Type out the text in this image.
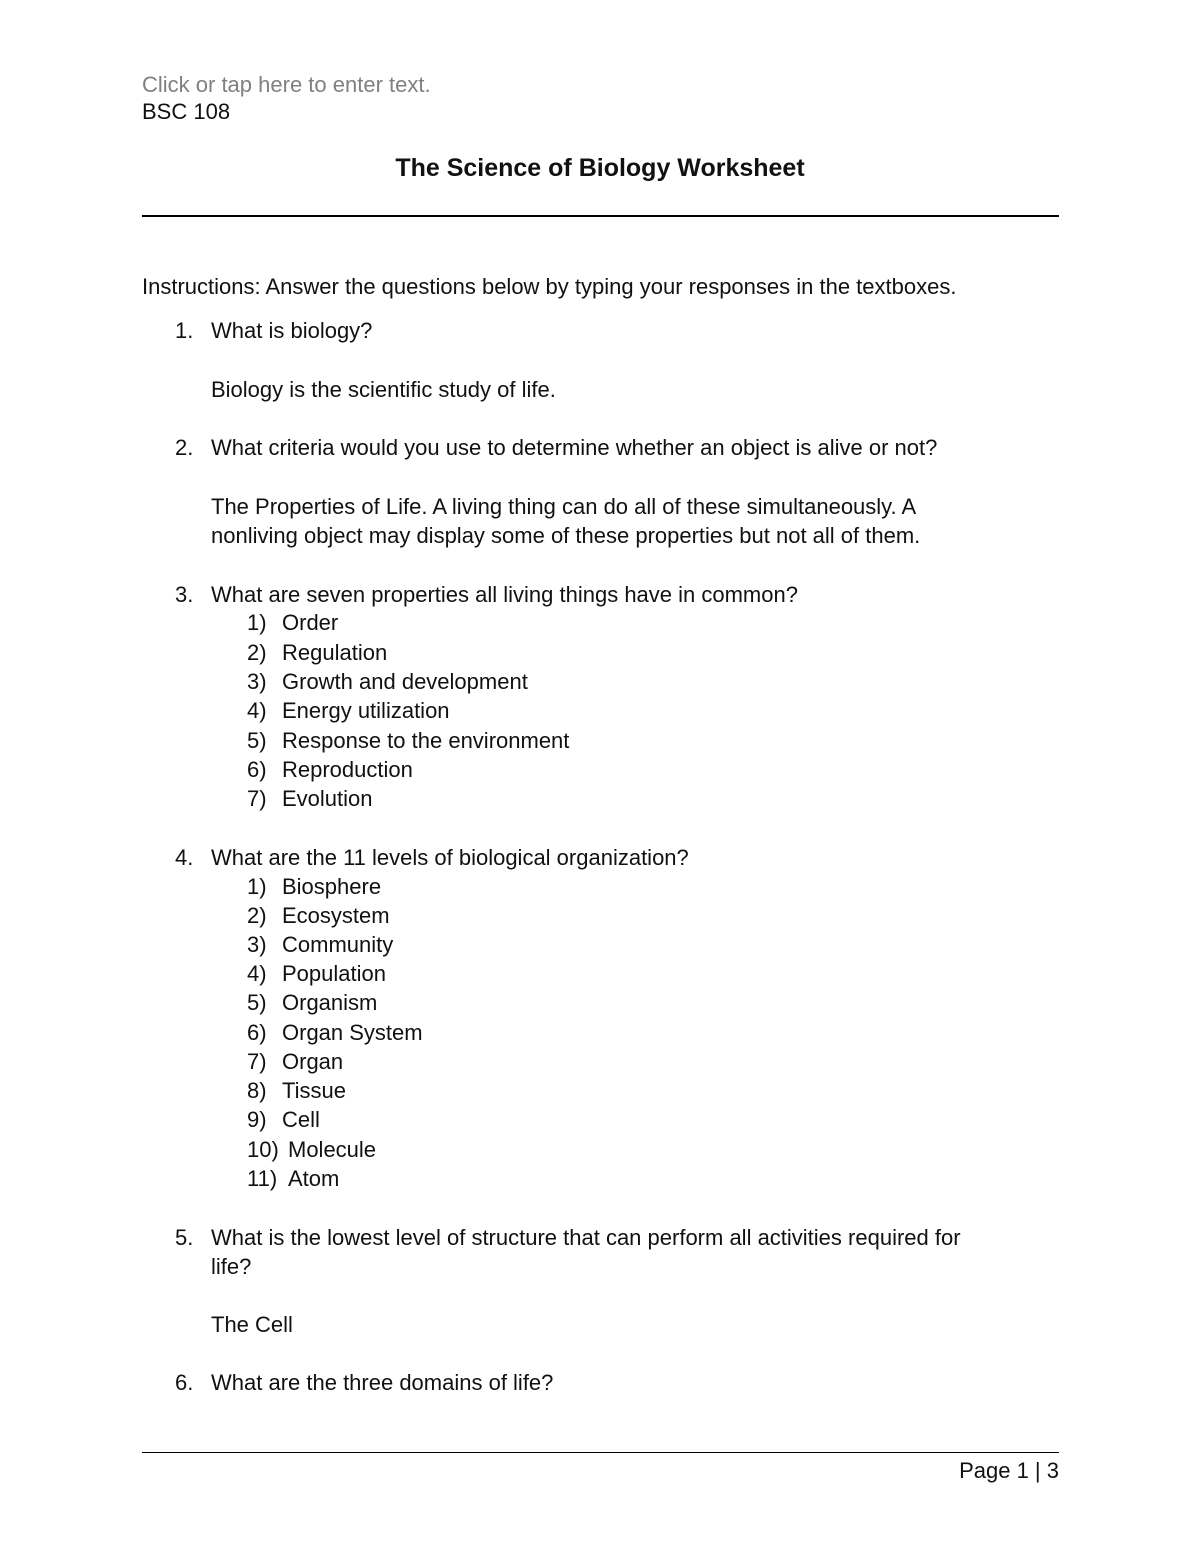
Click or tap here to enter text.
BSC 108
The Science of Biology Worksheet
Instructions: Answer the questions below by typing your responses in the textboxes.
1. What is biology?
Biology is the scientific study of life.
2. What criteria would you use to determine whether an object is alive or not?
The Properties of Life. A living thing can do all of these simultaneously. A
nonliving object may display some of these properties but not all of them.
3. What are seven properties all living things have in common?
1) Order
2) Regulation
3) Growth and development
4) Energy utilization
5) Response to the environment
6) Reproduction
7) Evolution
4. What are the 11 levels of biological organization?
1) Biosphere
2) Ecosystem
3) Community
4) Population
5) Organism
6) Organ System
7) Organ
8) Tissue
9) Cell
10) Molecule
11) Atom
5. What is the lowest level of structure that can perform all activities required for
life?
The Cell
6. What are the three domains of life?
Page 1 | 3
